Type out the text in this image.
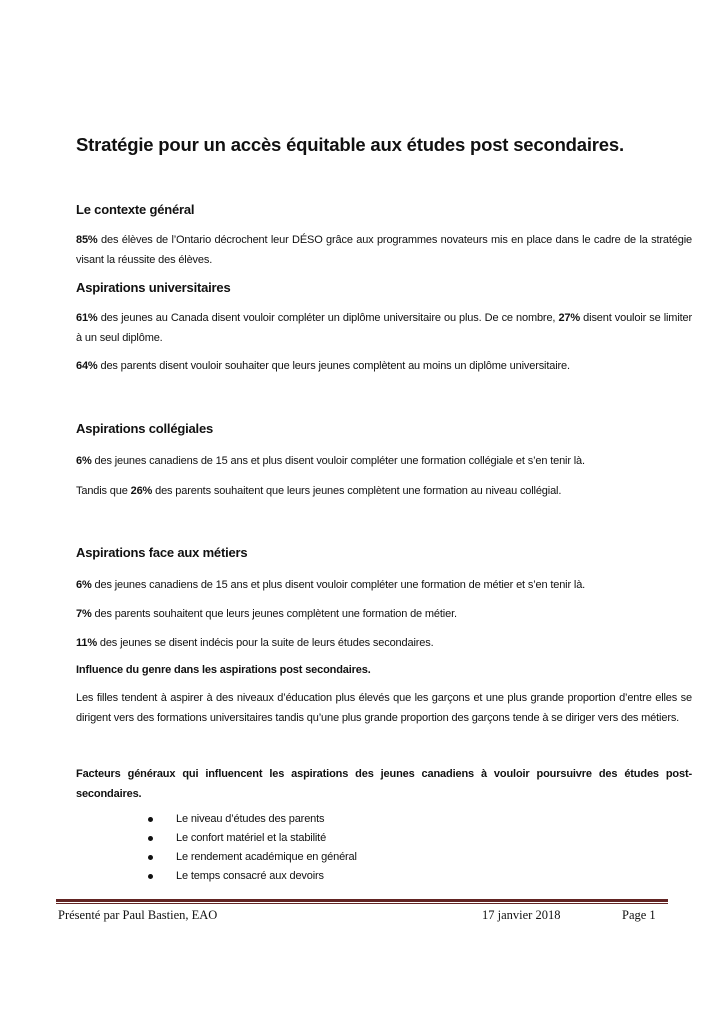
Stratégie pour un accès équitable aux études post secondaires.
Le contexte général
85% des élèves de l’Ontario décrochent leur DÉSO grâce aux programmes novateurs mis en place dans le cadre de la stratégie visant la réussite des élèves.
Aspirations universitaires
61% des jeunes au Canada disent vouloir compléter un diplôme universitaire ou plus. De ce nombre, 27% disent vouloir se limiter à un seul diplôme.
64% des parents disent vouloir souhaiter que leurs jeunes complètent au moins un diplôme universitaire.
Aspirations collégiales
6% des jeunes canadiens de 15 ans et plus disent vouloir compléter une formation collégiale et s’en tenir là.
Tandis que 26% des parents souhaitent que leurs jeunes complètent une formation au niveau collégial.
Aspirations face aux métiers
6% des jeunes canadiens de 15 ans et plus disent vouloir compléter une formation de métier et s’en tenir là.
7% des parents souhaitent que leurs jeunes complètent une formation de métier.
11% des jeunes se disent indécis pour la suite de leurs études secondaires.
Influence du genre dans les aspirations post secondaires.
Les filles tendent à aspirer à des niveaux d’éducation plus élevés que les garçons et une plus grande proportion d’entre elles se dirigent vers des formations universitaires tandis qu’une plus grande proportion des garçons tende à se diriger vers des métiers.
Facteurs généraux qui influencent les aspirations des jeunes canadiens à vouloir poursuivre des études post-secondaires.
Le niveau d’études des parents
Le confort matériel et la stabilité
Le rendement académique en général
Le temps consacré aux devoirs
Présenté par Paul Bastien, EAO	17 janvier 2018	Page 1
